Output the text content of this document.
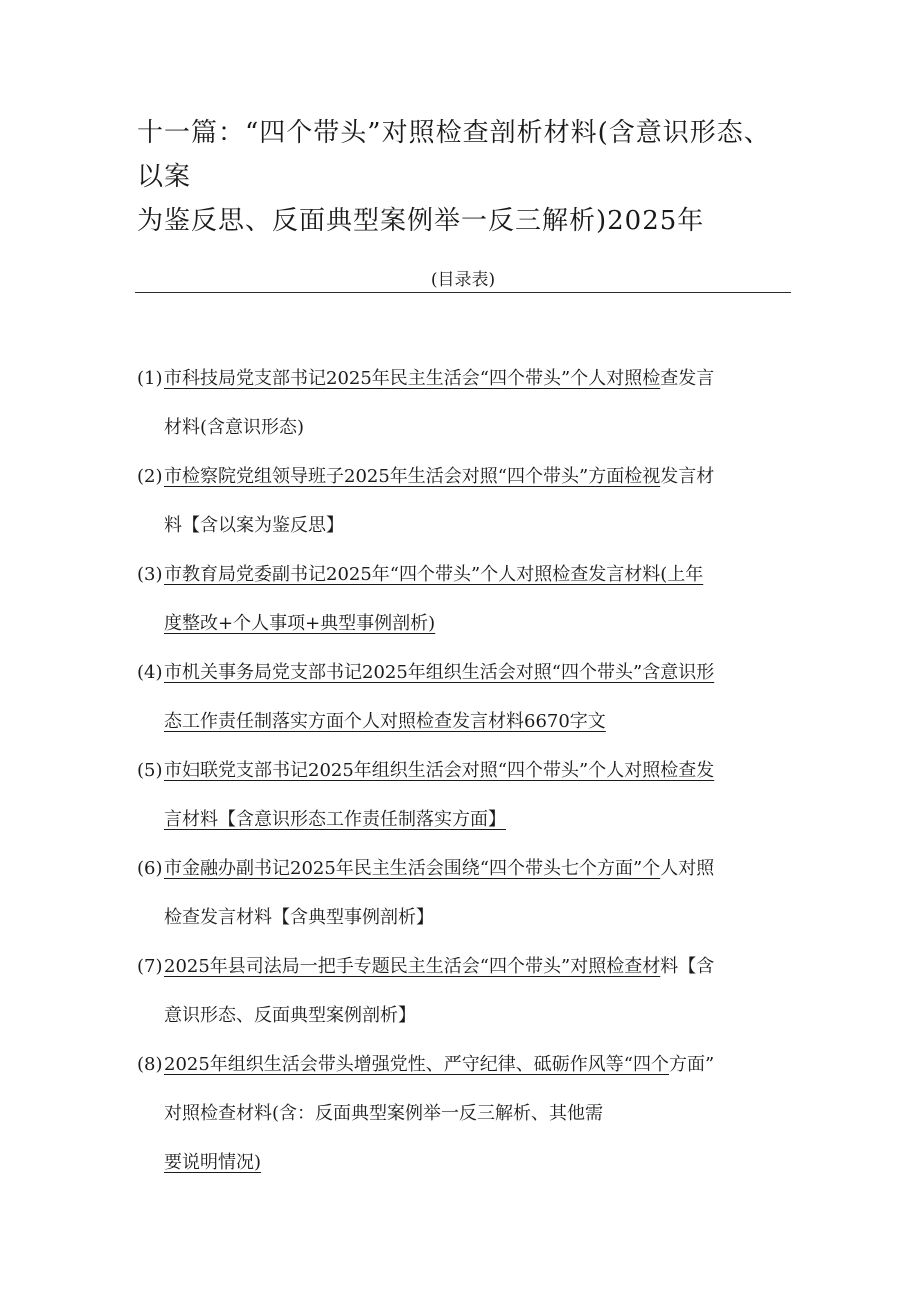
十一篇：“四个带头”对照检查剖析材料(含意识形态、以案
为鉴反思、反面典型案例举一反三解析)2025年
(目录表)
(1) 市科技局党支部书记2025年民主生活会“四个带头”个人对照检查发言
材料(含意识形态)
(2) 市检察院党组领导班子2025年生活会对照“四个带头”方面检视发言材
料【含以案为鉴反思】
(3) 市教育局党委副书记2025年“四个带头”个人对照检查发言材料(上年
度整改+个人事项+典型事例剖析)
(4) 市机关事务局党支部书记2025年组织生活会对照“四个带头”含意识形
态工作责任制落实方面个人对照检查发言材料6670字文
(5) 市妇联党支部书记2025年组织生活会对照“四个带头”个人对照检查发
言材料【含意识形态工作责任制落实方面】
(6) 市金融办副书记2025年民主生活会围绕“四个带头七个方面”个人对照
检查发言材料【含典型事例剖析】
(7) 2025年县司法局一把手专题民主生活会“四个带头”对照检查材料【含
意识形态、反面典型案例剖析】
(8) 2025年组织生活会带头增强党性、严守纪律、砥砺作风等“四个方面”
对照检查材料(含：反面典型案例举一反三解析、其他需
要说明情况)
